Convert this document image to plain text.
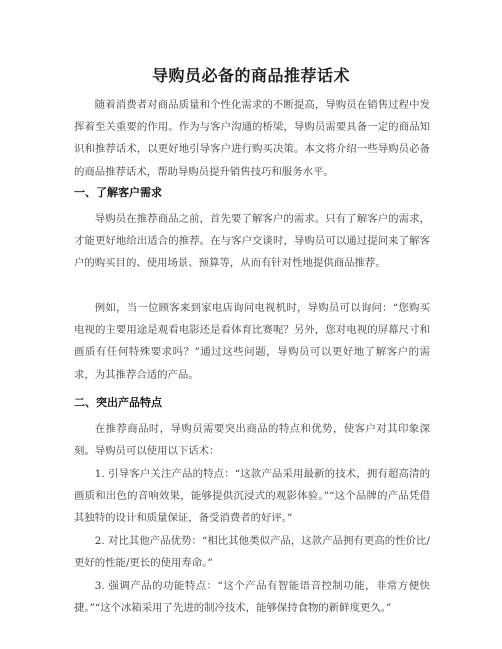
导购员必备的商品推荐话术

随着消费者对商品质量和个性化需求的不断提高，导购员在销售过程中发挥着至关重要的作用。作为与客户沟通的桥梁，导购员需要具备一定的商品知识和推荐话术，以更好地引导客户进行购买决策。本文将介绍一些导购员必备的商品推荐话术，帮助导购员提升销售技巧和服务水平。

一、了解客户需求

导购员在推荐商品之前，首先要了解客户的需求。只有了解客户的需求，才能更好地给出适合的推荐。在与客户交谈时，导购员可以通过提问来了解客户的购买目的、使用场景、预算等，从而有针对性地提供商品推荐。

例如，当一位顾客来到家电店询问电视机时，导购员可以询问：“您购买电视的主要用途是观看电影还是看体育比赛呢？另外，您对电视的屏幕尺寸和画质有任何特殊要求吗？”通过这些问题，导购员可以更好地了解客户的需求，为其推荐合适的产品。

二、突出产品特点

在推荐商品时，导购员需要突出商品的特点和优势，使客户对其印象深刻。导购员可以使用以下话术：

1. 引导客户关注产品的特点：“这款产品采用最新的技术，拥有超高清的画质和出色的音响效果，能够提供沉浸式的观影体验。”“这个品牌的产品凭借其独特的设计和质量保证，备受消费者的好评。”

2. 对比其他产品优势：“相比其他类似产品，这款产品拥有更高的性价比/更好的性能/更长的使用寿命。”

3. 强调产品的功能特点：“这个产品有智能语音控制功能，非常方便快捷。”“这个冰箱采用了先进的制冷技术，能够保持食物的新鲜度更久。”
